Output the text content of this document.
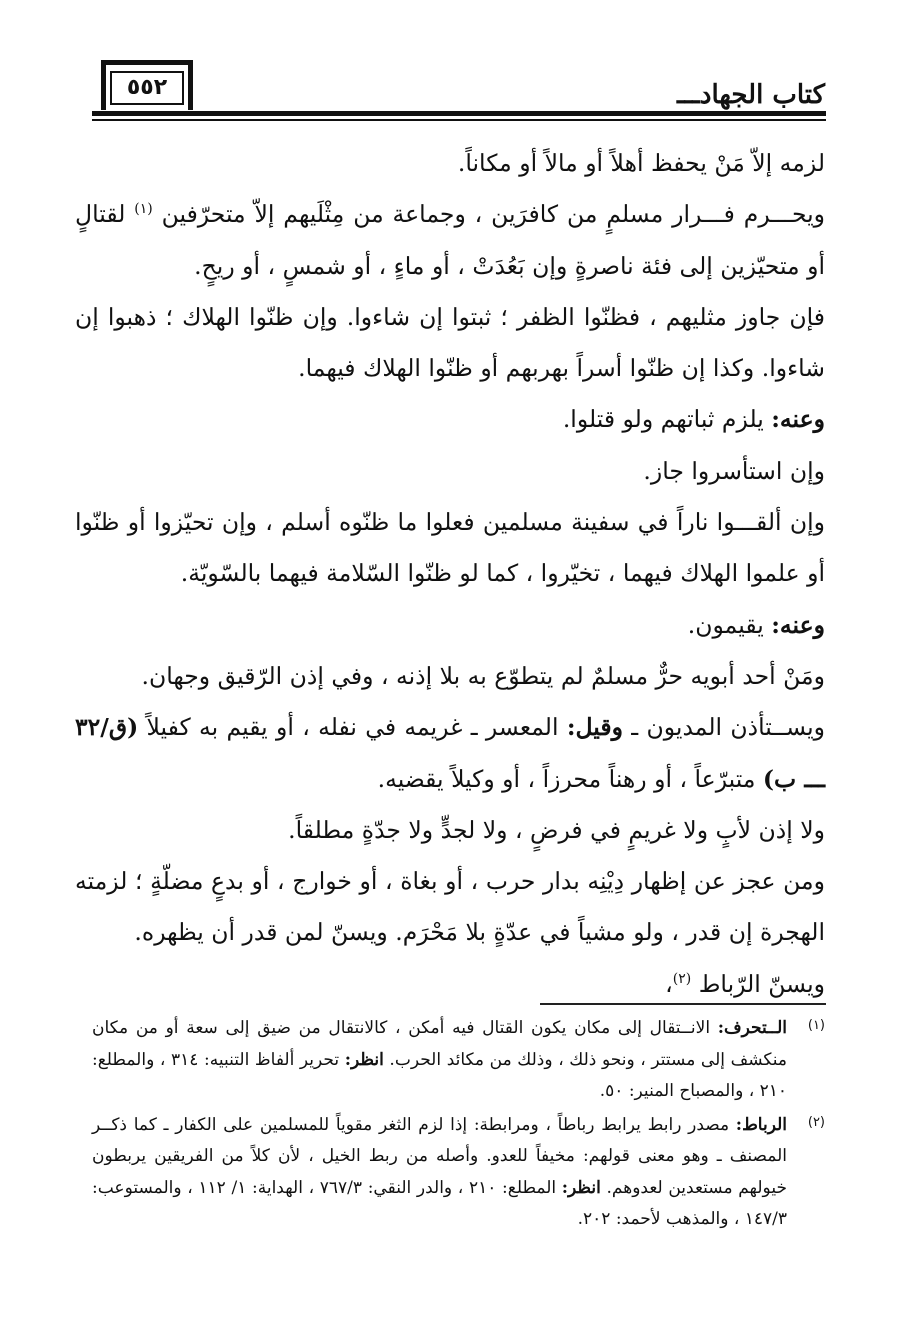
٥٥٢	كتاب الجهادـــ

لزمه إلاّ مَنْ يحفظ أهلاً أو مالاً أو مكاناً.

ويحـــرم فـــرار مسلمٍ من كافرَين ، وجماعة من مِثْلَيهم إلاّ متحرّفين $^{(١)}$ لقتالٍ أو متحيّزين إلى فئة ناصرةٍ وإن بَعُدَتْ ، أو ماءٍ ، أو شمسٍ ، أو ريحٍ.

فإن جاوز مثليهم ، فظنّوا الظفر ؛ ثبتوا إن شاءوا. وإن ظنّوا الهلاك ؛ ذهبوا إن شاءوا. وكذا إن ظنّوا أسراً بهربهم أو ظنّوا الهلاك فيهما.

وعنه: يلزم ثباتهم ولو قتلوا.

وإن استأسروا جاز.

وإن ألقـــوا ناراً في سفينة مسلمين فعلوا ما ظنّوه أسلم ، وإن تحيّزوا أو ظنّوا أو علموا الهلاك فيهما ، تخيّروا ، كما لو ظنّوا السّلامة فيهما بالسّويّة.

وعنه: يقيمون.

ومَنْ أحد أبويه حرٌّ مسلمٌ لم يتطوّع به بلا إذنه ، وفي إذن الرّقيق وجهان.

ويســتأذن المديون ـ وقيل: المعسر ـ غريمه في نفله ، أو يقيم به كفيلاً (ق/٣٢ ـــ ب) متبرّعاً ، أو رهناً محرزاً ، أو وكيلاً يقضيه.

ولا إذن لأبٍ ولا غريمٍ في فرضٍ ، ولا لجدٍّ ولا جدّةٍ مطلقاً.

ومن عجز عن إظهار دِيْنِه بدار حرب ، أو بغاة ، أو خوارج ، أو بدعٍ مضلّةٍ ؛ لزمته الهجرة إن قدر ، ولو مشياً في عدّةٍ بلا مَحْرَم. ويسنّ لمن قدر أن يظهره.

ويسنّ الرّباط $^{(٢)}$،

(١)
الــتحرف: الانــتقال إلى مكان يكون القتال فيه أمكن ، كالانتقال من ضيق إلى سعة أو من مكان منكشف إلى مستتر ، ونحو ذلك ، وذلك من مكائد الحرب. انظر: تحرير ألفاظ التنبيه: ٣١٤ ، والمطلع: ٢١٠ ، والمصباح المنير: ٥٠.
(٢)
الرباط: مصدر رابط يرابط رباطاً ، ومرابطة: إذا لزم الثغر مقوياً للمسلمين على الكفار ـ كما ذكــر المصنف ـ وهو معنى قولهم: مخيفاً للعدو. وأصله من ربط الخيل ، لأن كلاً من الفريقين يربطون خيولهم مستعدين لعدوهم. انظر: المطلع: ٢١٠ ، والدر النقي: ٧٦٧/٣ ، الهداية: ١/ ١١٢ ، والمستوعب: ١٤٧/٣ ، والمذهب لأحمد: ٢٠٢.
